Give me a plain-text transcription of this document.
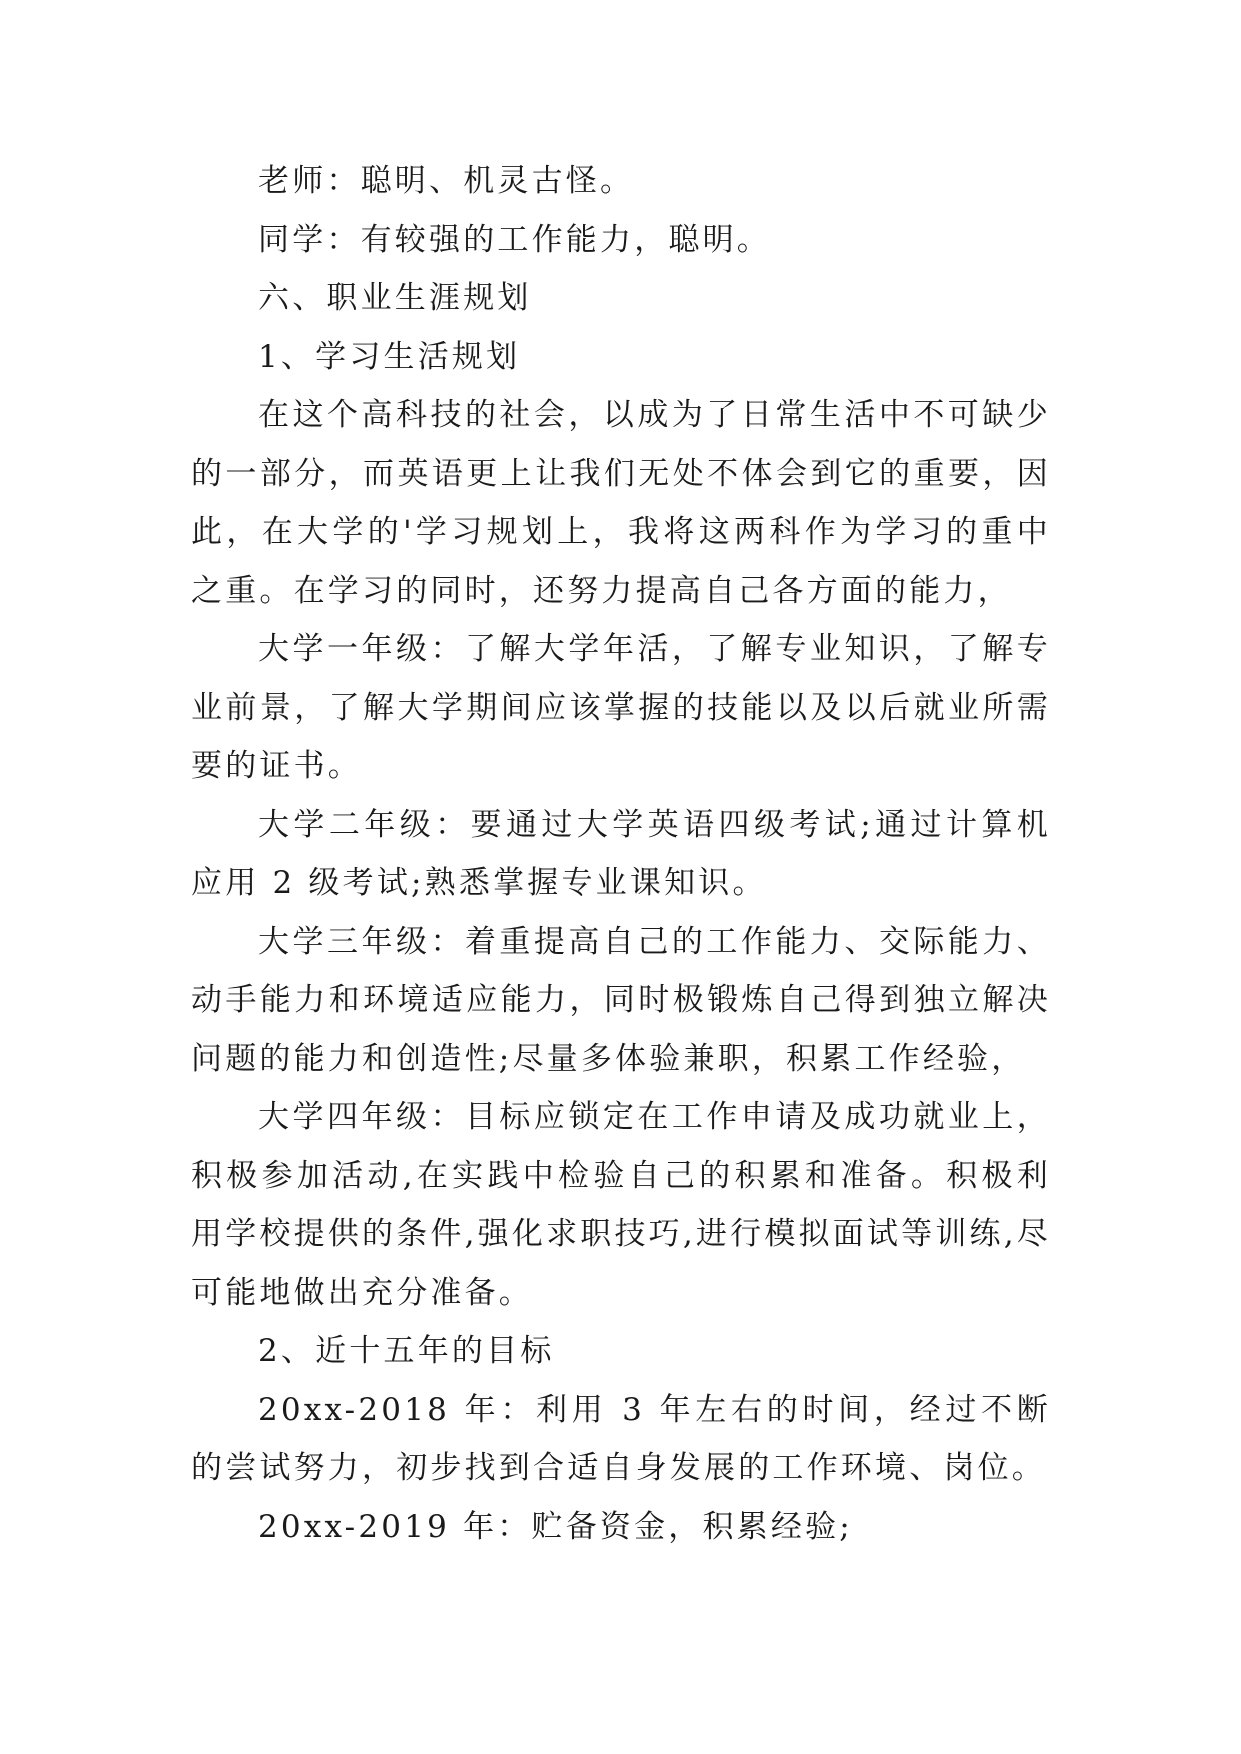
老师：聪明、机灵古怪。

同学：有较强的工作能力，聪明。

六、职业生涯规划

1、学习生活规划

在这个高科技的社会，以成为了日常生活中不可缺少的一部分，而英语更上让我们无处不体会到它的重要，因此，在大学的'学习规划上，我将这两科作为学习的重中之重。在学习的同时，还努力提高自己各方面的能力，

大学一年级：了解大学年活，了解专业知识，了解专业前景，了解大学期间应该掌握的技能以及以后就业所需要的证书。

大学二年级：要通过大学英语四级考试;通过计算机应用 2 级考试;熟悉掌握专业课知识。

大学三年级：着重提高自己的工作能力、交际能力、动手能力和环境适应能力，同时极锻炼自己得到独立解决问题的能力和创造性;尽量多体验兼职，积累工作经验，

大学四年级：目标应锁定在工作申请及成功就业上，积极参加活动,在实践中检验自己的积累和准备。积极利用学校提供的条件,强化求职技巧,进行模拟面试等训练,尽可能地做出充分准备。

2、近十五年的目标

20xx-2018 年：利用 3 年左右的时间，经过不断的尝试努力，初步找到合适自身发展的工作环境、岗位。

20xx-2019 年：贮备资金，积累经验;
